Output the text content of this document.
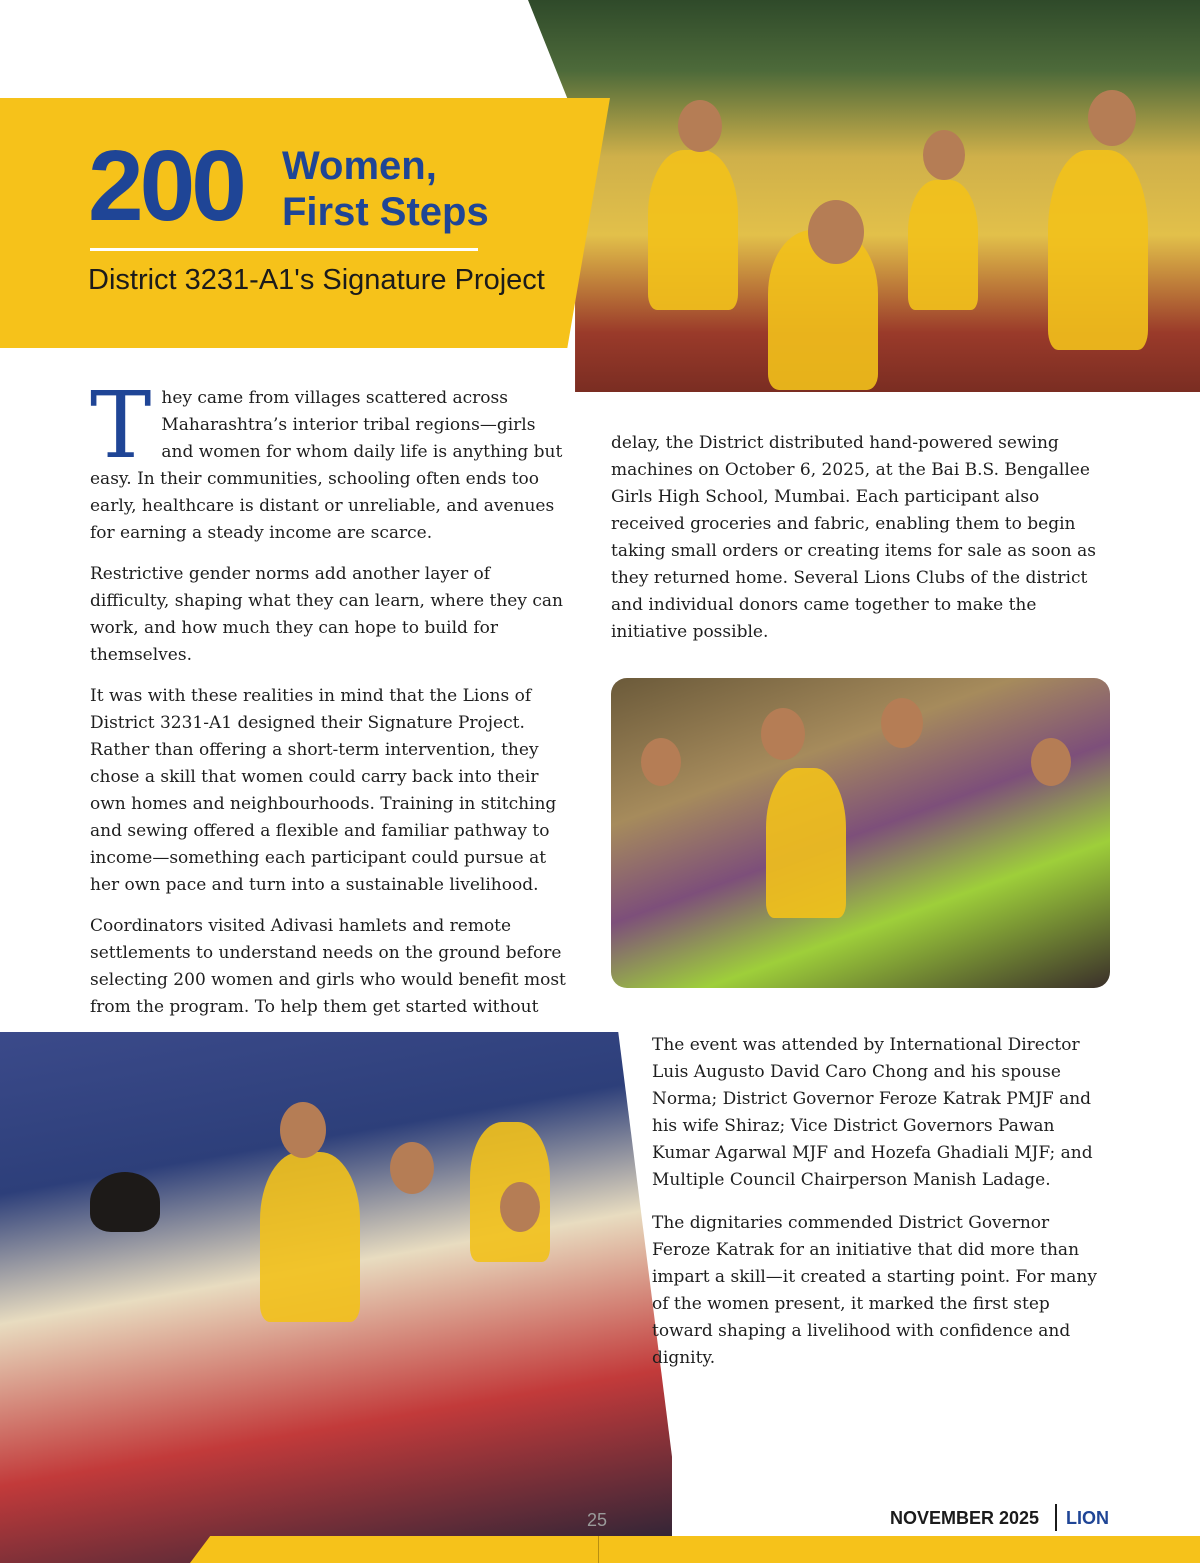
200 Women,
First Steps
District 3231-A1's Signature Project

They came from villages scattered across Maharashtra’s interior tribal regions—girls and women for whom daily life is anything but easy. In their communities, schooling often ends too early, healthcare is distant or unreliable, and avenues for earning a steady income are scarce.

Restrictive gender norms add another layer of difficulty, shaping what they can learn, where they can work, and how much they can hope to build for themselves.

It was with these realities in mind that the Lions of District 3231-A1 designed their Signature Project. Rather than offering a short-term intervention, they chose a skill that women could carry back into their own homes and neighbourhoods. Training in stitching and sewing offered a flexible and familiar pathway to income—something each participant could pursue at her own pace and turn into a sustainable livelihood.

Coordinators visited Adivasi hamlets and remote settlements to understand needs on the ground before selecting 200 women and girls who would benefit most from the program. To help them get started without

delay, the District distributed hand-powered sewing machines on October 6, 2025, at the Bai B.S. Bengallee Girls High School, Mumbai. Each participant also received groceries and fabric, enabling them to begin taking small orders or creating items for sale as soon as they returned home. Several Lions Clubs of the district and individual donors came together to make the initiative possible.

The event was attended by International Director Luis Augusto David Caro Chong and his spouse Norma; District Governor Feroze Katrak PMJF and his wife Shiraz; Vice District Governors Pawan Kumar Agarwal MJF and Hozefa Ghadiali MJF; and Multiple Council Chairperson Manish Ladage.

The dignitaries commended District Governor Feroze Katrak for an initiative that did more than impart a skill—it created a starting point. For many of the women present, it marked the first step toward shaping a livelihood with confidence and dignity.

25	NOVEMBER 2025 LION
